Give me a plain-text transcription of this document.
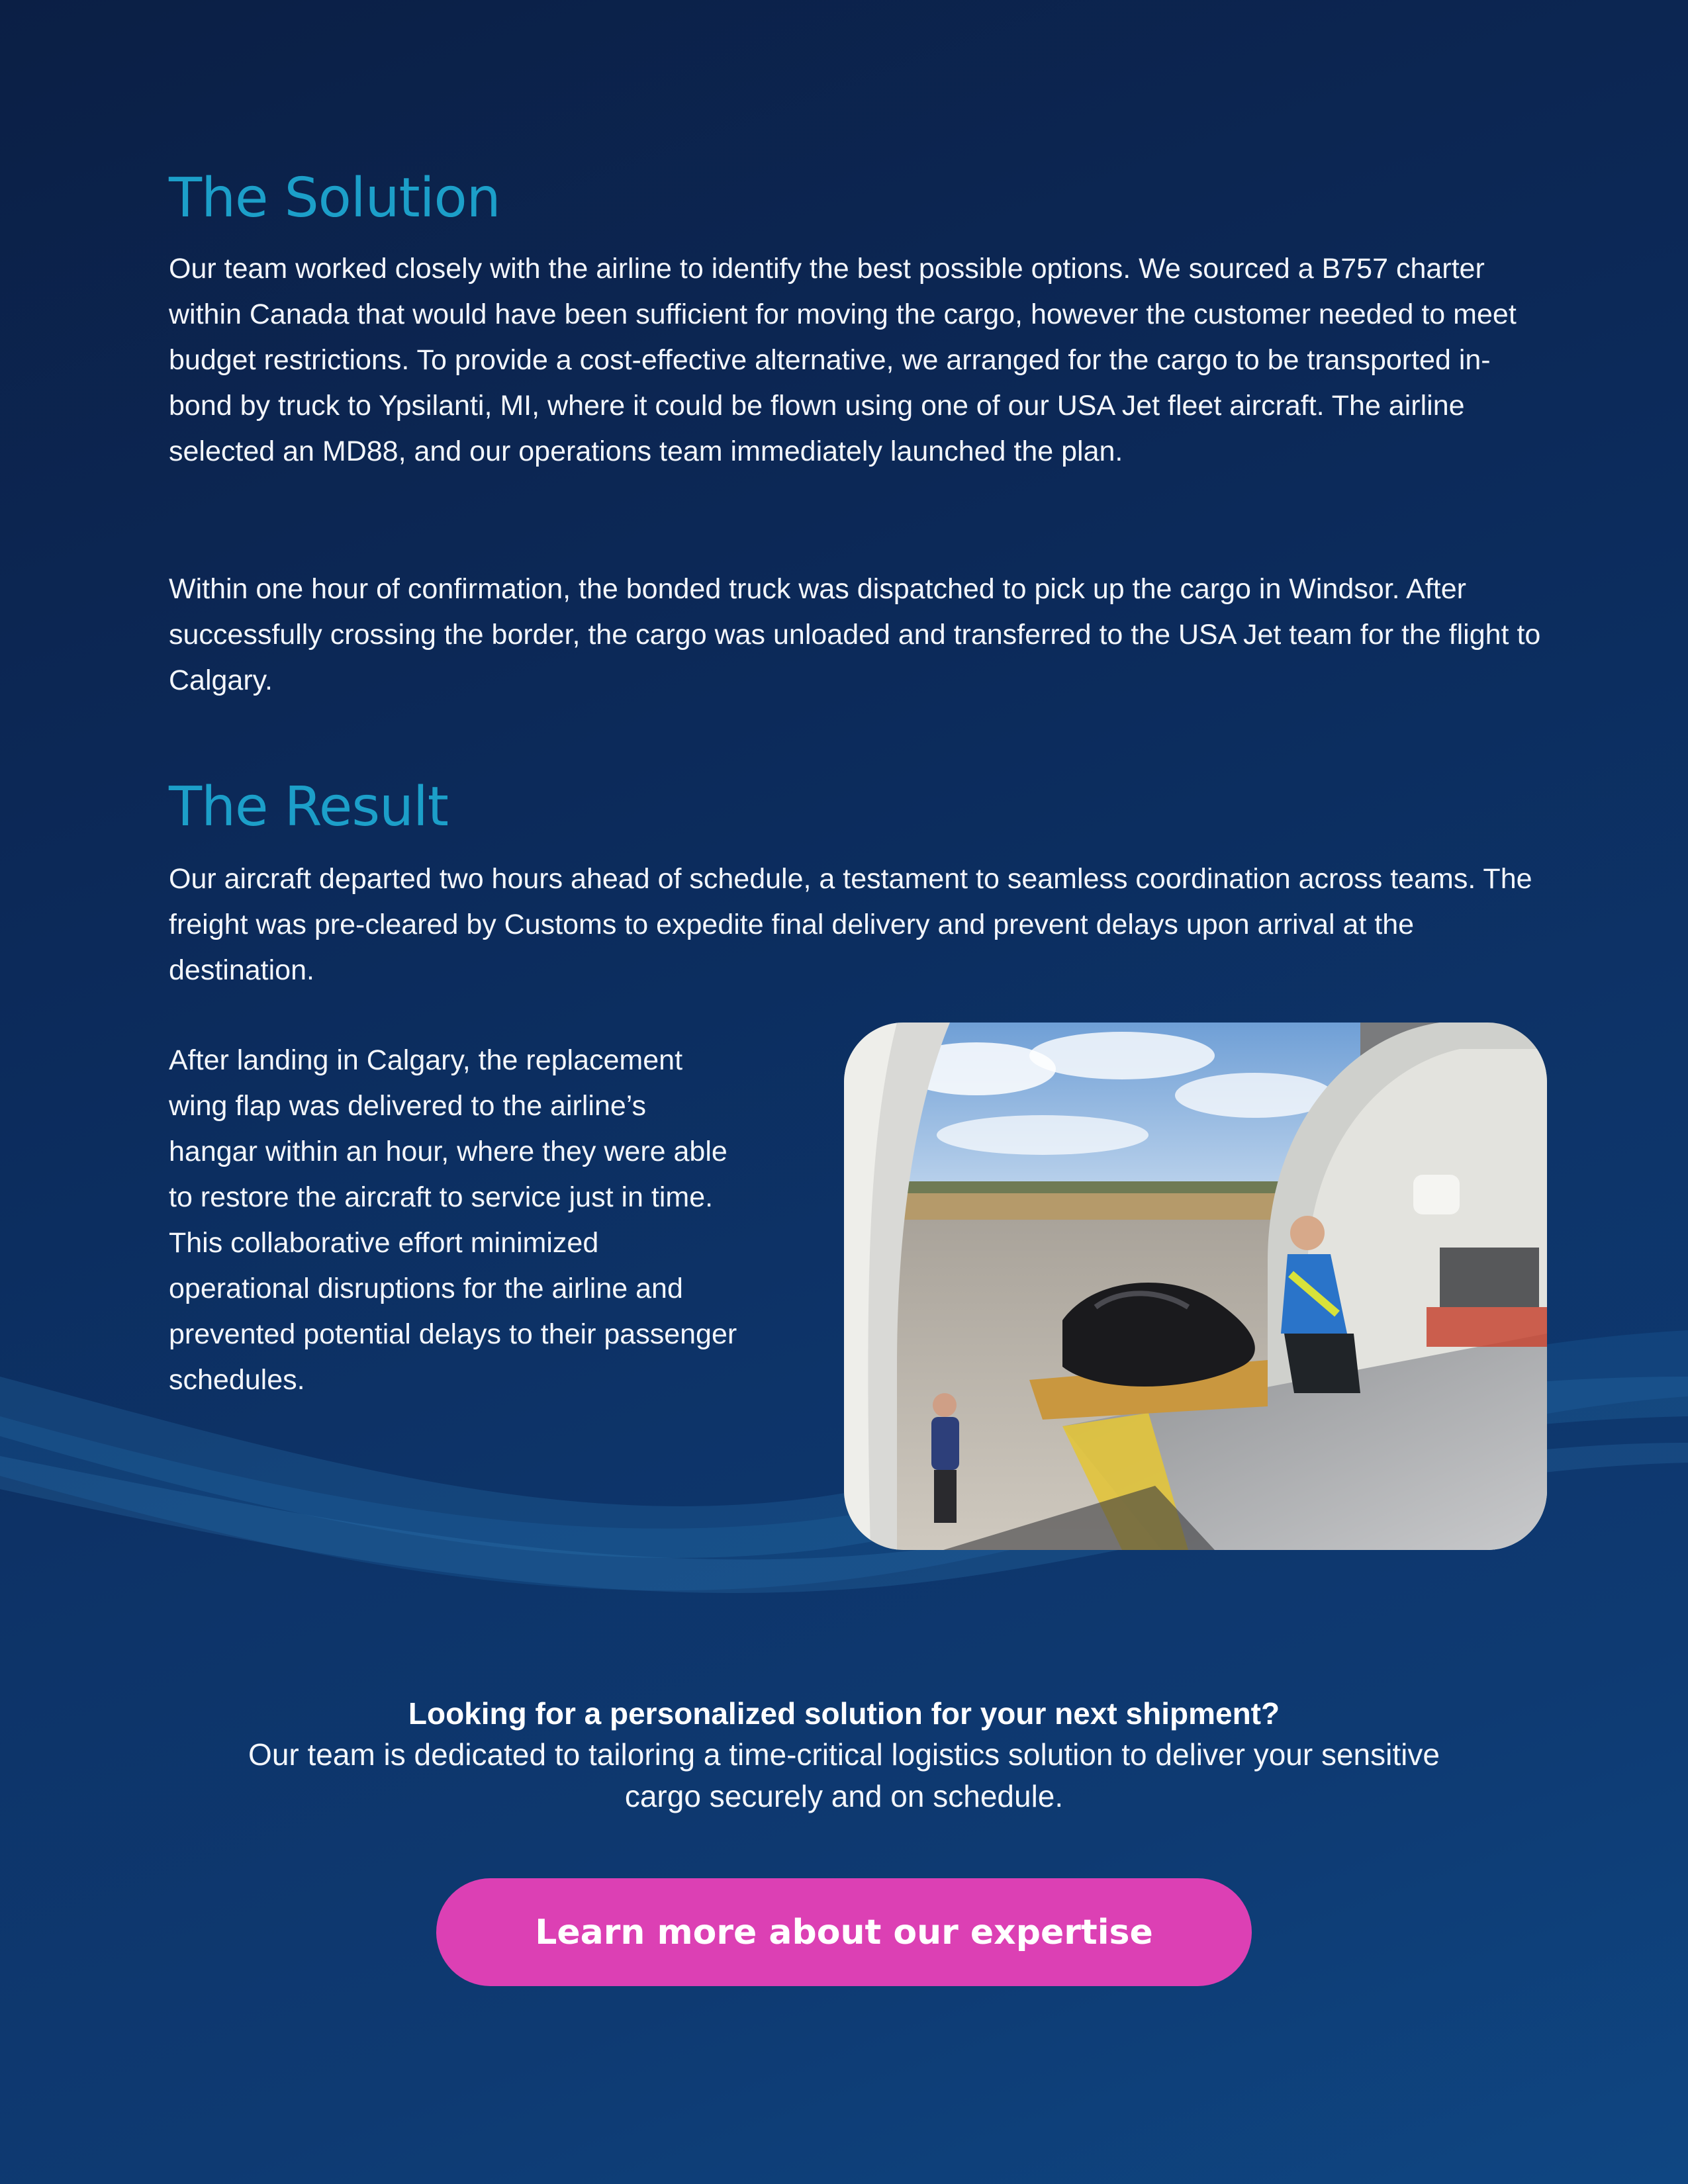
The Solution

Our team worked closely with the airline to identify the best possible options. We sourced a B757 charter within Canada that would have been sufficient for moving the cargo, however the customer needed to meet budget restrictions. To provide a cost-effective alternative, we arranged for the cargo to be transported in-bond by truck to Ypsilanti, MI, where it could be flown using one of our USA Jet fleet aircraft. The airline selected an MD88, and our operations team immediately launched the plan.

Within one hour of confirmation, the bonded truck was dispatched to pick up the cargo in Windsor. After successfully crossing the border, the cargo was unloaded and transferred to the USA Jet team for the flight to Calgary.

The Result

Our aircraft departed two hours ahead of schedule, a testament to seamless coordination across teams. The freight was pre-cleared by Customs to expedite final delivery and prevent delays upon arrival at the destination.

After landing in Calgary, the replacement wing flap was delivered to the airline’s hangar within an hour, where they were able to restore the aircraft to service just in time. This collaborative effort minimized operational disruptions for the airline and prevented potential delays to their passenger schedules.

Looking for a personalized solution for your next shipment?
Our team is dedicated to tailoring a time-critical logistics solution to deliver your sensitive cargo securely and on schedule.
Learn more about our expertise
